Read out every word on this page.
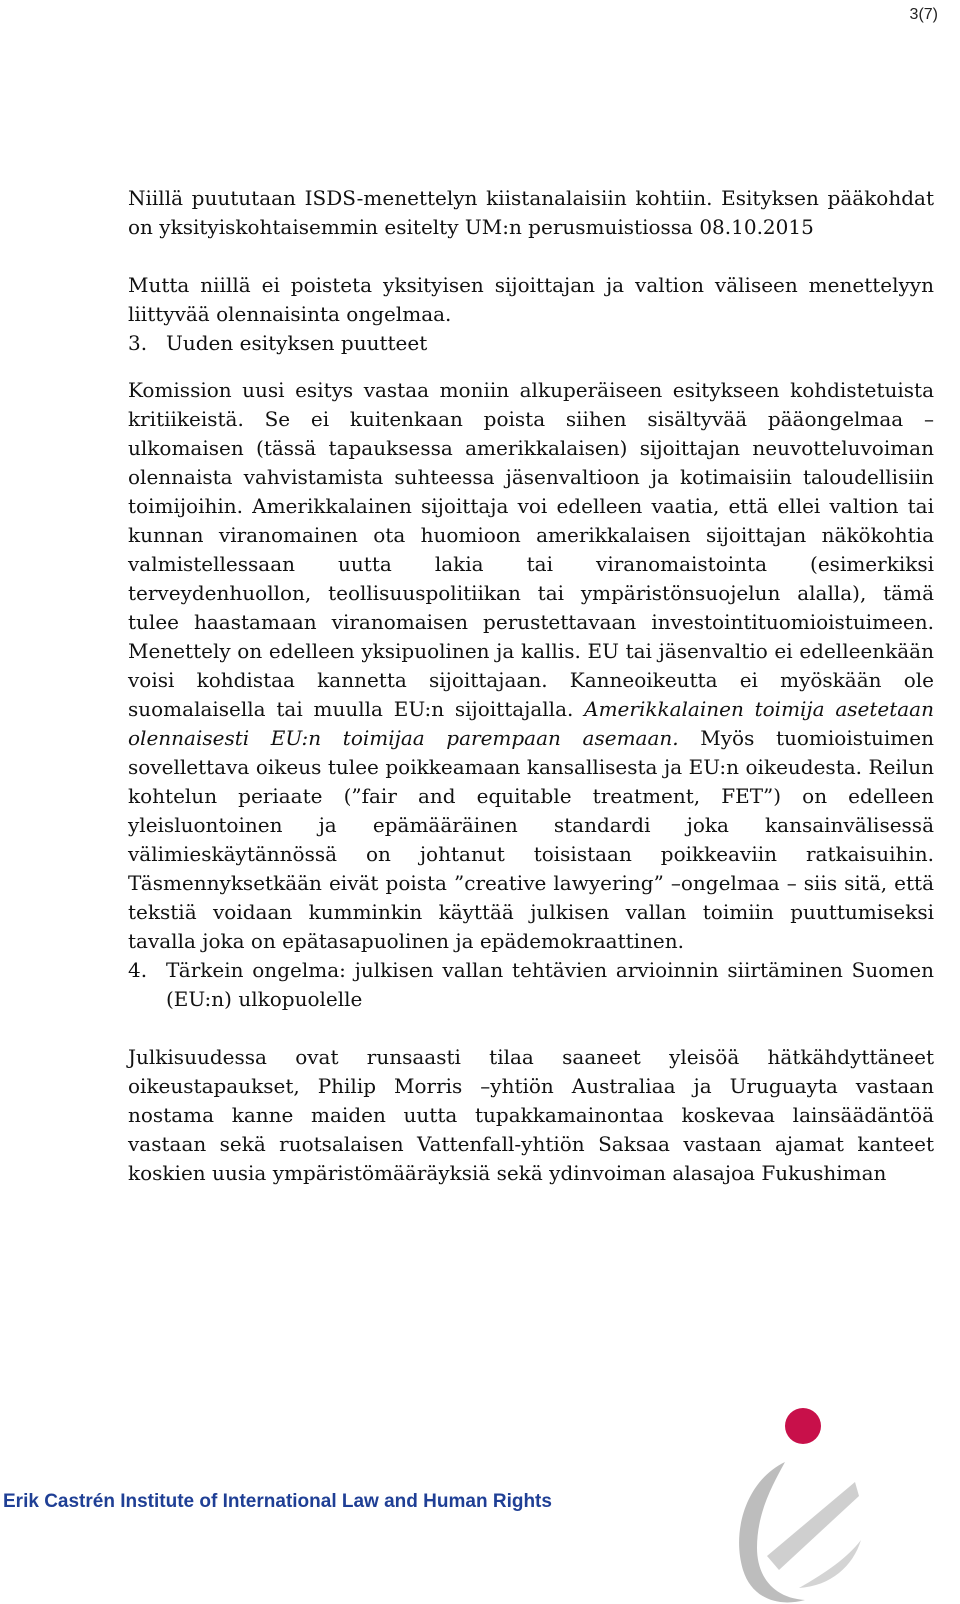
3(7)

Niillä puututaan ISDS-menettelyn kiistanalaisiin kohtiin. Esityksen pääkohdat on yksityiskohtaisemmin esitelty UM:n perusmuistiossa 08.10.2015

Mutta niillä ei poisteta yksityisen sijoittajan ja valtion väliseen menettelyyn liittyvää olennaisinta ongelmaa.

3. Uuden esityksen puutteet

Komission uusi esitys vastaa moniin alkuperäiseen esitykseen kohdistetuista kritiikeistä. Se ei kuitenkaan poista siihen sisältyvää pääongelmaa – ulkomaisen (tässä tapauksessa amerikkalaisen) sijoittajan neuvotteluvoiman olennaista vahvistamista suhteessa jäsenvaltioon ja kotimaisiin taloudellisiin toimijoihin. Amerikkalainen sijoittaja voi edelleen vaatia, että ellei valtion tai kunnan viranomainen ota huomioon amerikkalaisen sijoittajan näkökohtia valmistellessaan uutta lakia tai viranomaistointa (esimerkiksi terveydenhuollon, teollisuuspolitiikan tai ympäristönsuojelun alalla), tämä tulee haastamaan viranomaisen perustettavaan investointituomioistuimeen. Menettely on edelleen yksipuolinen ja kallis. EU tai jäsenvaltio ei edelleenkään voisi kohdistaa kannetta sijoittajaan. Kanneoikeutta ei myöskään ole suomalaisella tai muulla EU:n sijoittajalla. Amerikkalainen toimija asetetaan olennaisesti EU:n toimijaa parempaan asemaan. Myös tuomioistuimen sovellettava oikeus tulee poikkeamaan kansallisesta ja EU:n oikeudesta. Reilun kohtelun periaate (”fair and equitable treatment, FET”) on edelleen yleisluontoinen ja epämääräinen standardi joka kansainvälisessä välimieskäytännössä on johtanut toisistaan poikkeaviin ratkaisuihin. Täsmennyksetkään eivät poista ”creative lawyering” –ongelmaa – siis sitä, että tekstiä voidaan kumminkin käyttää julkisen vallan toimiin puuttumiseksi tavalla joka on epätasapuolinen ja epädemokraattinen.

4. Tärkein ongelma: julkisen vallan tehtävien arvioinnin siirtäminen Suomen (EU:n) ulkopuolelle

Julkisuudessa ovat runsaasti tilaa saaneet yleisöä hätkähdyttäneet oikeustapaukset, Philip Morris –yhtiön Australiaa ja Uruguayta vastaan nostama kanne maiden uutta tupakkamainontaa koskevaa lainsäädäntöä vastaan sekä ruotsalaisen Vattenfall-yhtiön Saksaa vastaan ajamat kanteet koskien uusia ympäristömääräyksiä sekä ydinvoiman alasajoa Fukushiman

Erik Castrén Institute of International Law and Human Rights
